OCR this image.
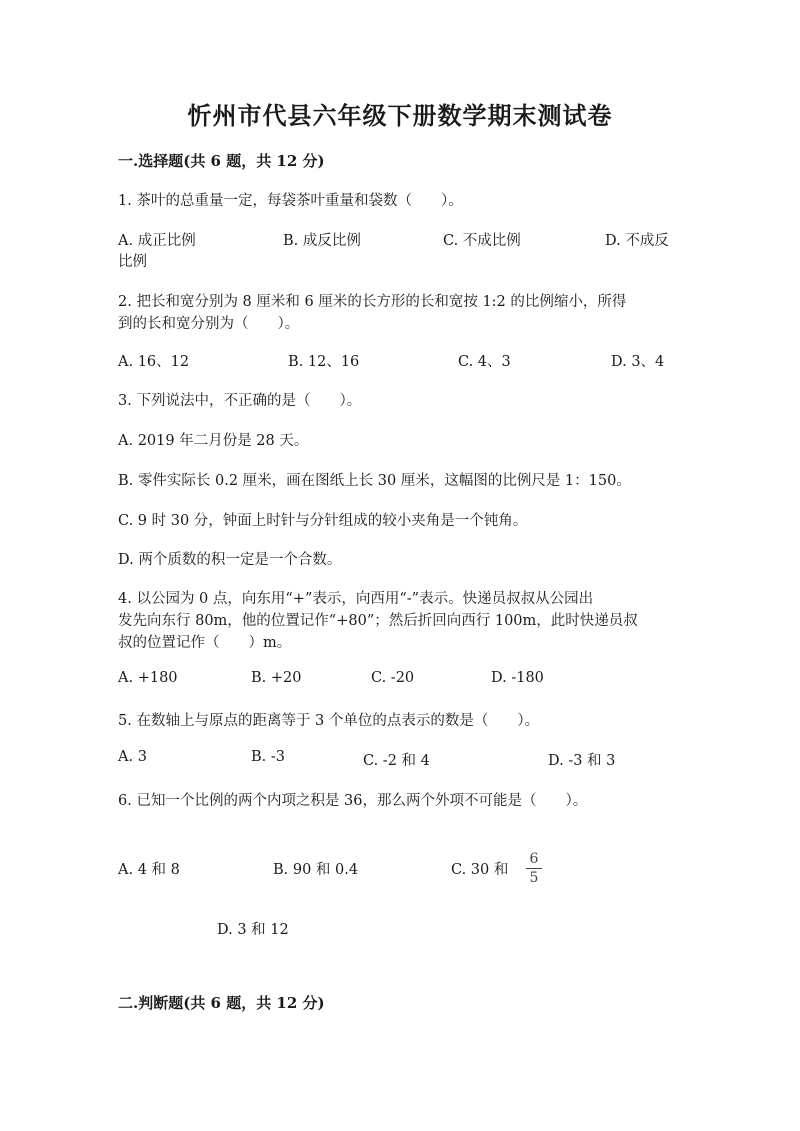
忻州市代县六年级下册数学期末测试卷
一.选择题(共 6 题，共 12 分)
1. 茶叶的总重量一定，每袋茶叶重量和袋数（　　）。
A. 成正比例	B. 成反比例	C. 不成比例	D. 不成反
比例
2. 把长和宽分别为 8 厘米和 6 厘米的长方形的长和宽按 1:2 的比例缩小，所得
到的长和宽分别为（　　）。
A. 16、12	B. 12、16	C. 4、3	D. 3、4
3. 下列说法中，不正确的是（　　）。
A. 2019 年二月份是 28 天。
B. 零件实际长 0.2 厘米，画在图纸上长 30 厘米，这幅图的比例尺是 1：150。
C. 9 时 30 分，钟面上时针与分针组成的较小夹角是一个钝角。
D. 两个质数的积一定是一个合数。
4. 以公园为 0 点，向东用“+”表示，向西用“-”表示。快递员叔叔从公园出
发先向东行 80m，他的位置记作“+80”；然后折回向西行 100m，此时快递员叔
叔的位置记作（　　）m。
A. +180	B. +20	C. -20	D. -180
5. 在数轴上与原点的距离等于 3 个单位的点表示的数是（　　）。
A. 3	B. -3	C. -2 和 4	D. -3 和 3
6. 已知一个比例的两个内项之积是 36，那么两个外项不可能是（　　）。
A. 4 和 8	B. 90 和 0.4	C. 30 和
6
5
D. 3 和 12
二.判断题(共 6 题，共 12 分)
